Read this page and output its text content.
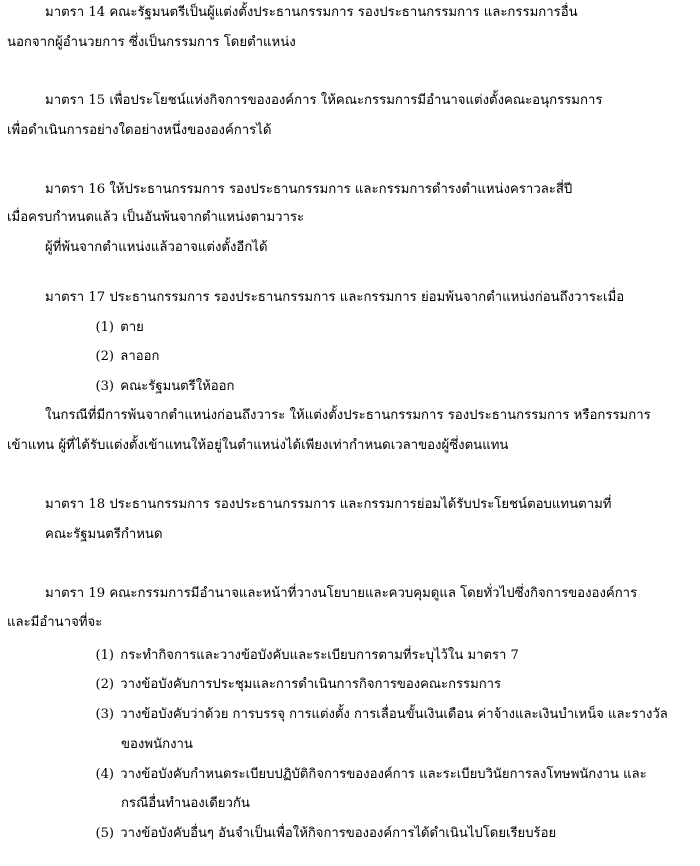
มาตรา 14 คณะรัฐมนตรีเป็นผู้แต่งตั้งประธานกรรมการ รองประธานกรรมการ และกรรมการอื่น
นอกจากผู้อำนวยการ ซึ่งเป็นกรรมการ โดยตำแหน่ง
มาตรา 15 เพื่อประโยชน์แห่งกิจการขององค์การ ให้คณะกรรมการมีอำนาจแต่งตั้งคณะอนุกรรมการ
เพื่อดำเนินการอย่างใดอย่างหนึ่งขององค์การได้
มาตรา 16 ให้ประธานกรรมการ รองประธานกรรมการ และกรรมการดำรงตำแหน่งคราวละสี่ปี
เมื่อครบกำหนดแล้ว เป็นอันพ้นจากตำแหน่งตามวาระ
ผู้ที่พ้นจากตำแหน่งแล้วอาจแต่งตั้งอีกได้
มาตรา 17 ประธานกรรมการ รองประธานกรรมการ และกรรมการ ย่อมพ้นจากตำแหน่งก่อนถึงวาระเมื่อ
(1) ตาย
(2) ลาออก
(3) คณะรัฐมนตรีให้ออก
ในกรณีที่มีการพ้นจากตำแหน่งก่อนถึงวาระ ให้แต่งตั้งประธานกรรมการ รองประธานกรรมการ หรือกรรมการ
เข้าแทน ผู้ที่ได้รับแต่งตั้งเข้าแทนให้อยู่ในตำแหน่งได้เพียงเท่ากำหนดเวลาของผู้ซึ่งตนแทน
มาตรา 18 ประธานกรรมการ รองประธานกรรมการ และกรรมการย่อมได้รับประโยชน์ตอบแทนตามที่
คณะรัฐมนตรีกำหนด
มาตรา 19 คณะกรรมการมีอำนาจและหน้าที่วางนโยบายและควบคุมดูแล โดยทั่วไปซึ่งกิจการขององค์การ
และมีอำนาจที่จะ
(1) กระทำกิจการและวางข้อบังคับและระเบียบการตามที่ระบุไว้ใน มาตรา 7
(2) วางข้อบังคับการประชุมและการดำเนินการกิจการของคณะกรรมการ
(3) วางข้อบังคับว่าด้วย การบรรจุ การแต่งตั้ง การเลื่อนขั้นเงินเดือน ค่าจ้างและเงินบำเหน็จ และรางวัล
ของพนักงาน
(4) วางข้อบังคับกำหนดระเบียบปฏิบัติกิจการขององค์การ และระเบียบวินัยการลงโทษพนักงาน และ
กรณีอื่นทำนองเดียวกัน
(5) วางข้อบังคับอื่นๆ อันจำเป็นเพื่อให้กิจการขององค์การได้ดำเนินไปโดยเรียบร้อย
